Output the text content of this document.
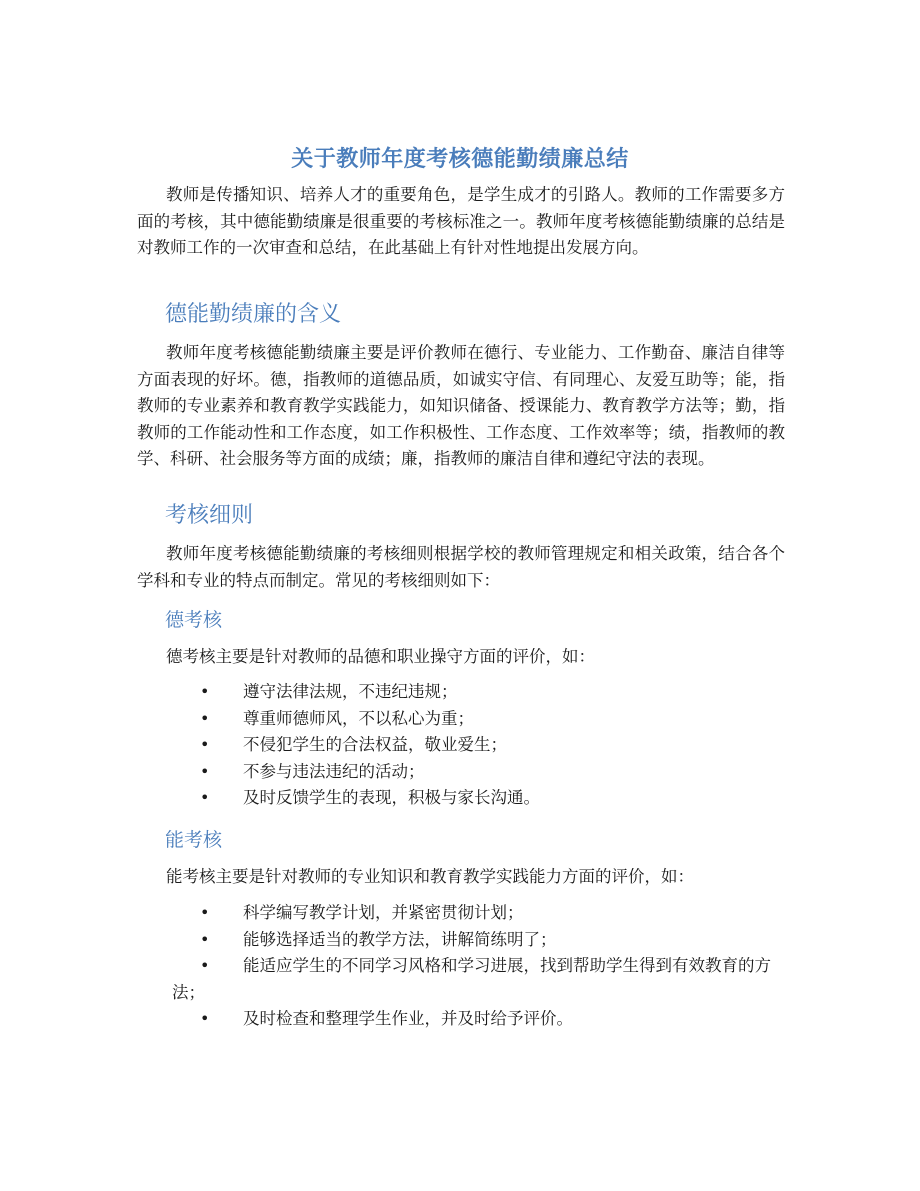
关于教师年度考核德能勤绩廉总结

教师是传播知识、培养人才的重要角色，是学生成才的引路人。教师的工作需要多方面的考核，其中德能勤绩廉是很重要的考核标准之一。教师年度考核德能勤绩廉的总结是对教师工作的一次审查和总结，在此基础上有针对性地提出发展方向。

德能勤绩廉的含义

教师年度考核德能勤绩廉主要是评价教师在德行、专业能力、工作勤奋、廉洁自律等方面表现的好坏。德，指教师的道德品质，如诚实守信、有同理心、友爱互助等；能，指教师的专业素养和教育教学实践能力，如知识储备、授课能力、教育教学方法等；勤，指教师的工作能动性和工作态度，如工作积极性、工作态度、工作效率等；绩，指教师的教学、科研、社会服务等方面的成绩；廉，指教师的廉洁自律和遵纪守法的表现。

考核细则

教师年度考核德能勤绩廉的考核细则根据学校的教师管理规定和相关政策，结合各个学科和专业的特点而制定。常见的考核细则如下：

德考核

德考核主要是针对教师的品德和职业操守方面的评价，如：

• 遵守法律法规，不违纪违规；
• 尊重师德师风，不以私心为重；
• 不侵犯学生的合法权益，敬业爱生；
• 不参与违法违纪的活动；
• 及时反馈学生的表现，积极与家长沟通。
能考核

能考核主要是针对教师的专业知识和教育教学实践能力方面的评价，如：

• 科学编写教学计划，并紧密贯彻计划；
• 能够选择适当的教学方法，讲解简练明了；
• 能适应学生的不同学习风格和学习进展，找到帮助学生得到有效教育的方法；
• 及时检查和整理学生作业，并及时给予评价。
